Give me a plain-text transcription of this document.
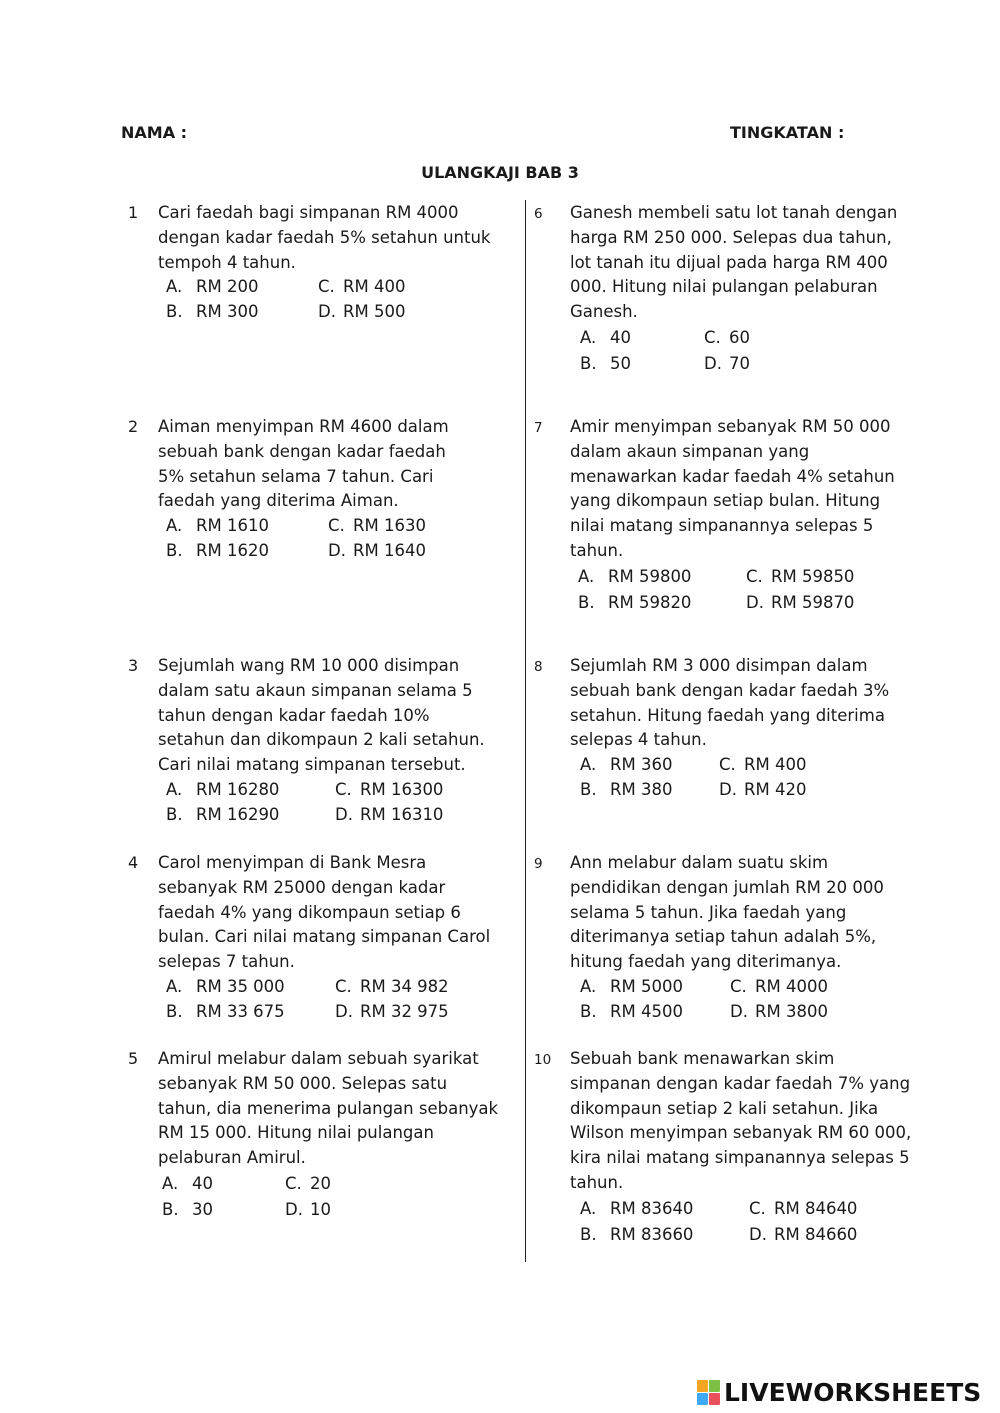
NAMA :	TINGKATAN :
ULANGKAJI BAB 3
1 Cari faedah bagi simpanan RM 4000 dengan kadar faedah 5% setahun untuk tempoh 4 tahun.
A. RM 200	C. RM 400
B. RM 300	D. RM 500
2 Aiman menyimpan RM 4600 dalam sebuah bank dengan kadar faedah 5% setahun selama 7 tahun. Cari faedah yang diterima Aiman.
A. RM 1610	C. RM 1630
B. RM 1620	D. RM 1640
3 Sejumlah wang RM 10 000 disimpan dalam satu akaun simpanan selama 5 tahun dengan kadar faedah 10% setahun dan dikompaun 2 kali setahun. Cari nilai matang simpanan tersebut.
A. RM 16280	C. RM 16300
B. RM 16290	D. RM 16310
4 Carol menyimpan di Bank Mesra sebanyak RM 25000 dengan kadar faedah 4% yang dikompaun setiap 6 bulan. Cari nilai matang simpanan Carol selepas 7 tahun.
A. RM 35 000	C. RM 34 982
B. RM 33 675	D. RM 32 975
5 Amirul melabur dalam sebuah syarikat sebanyak RM 50 000. Selepas satu tahun, dia menerima pulangan sebanyak RM 15 000. Hitung nilai pulangan pelaburan Amirul.
A. 40	C. 20
B. 30	D. 10
6 Ganesh membeli satu lot tanah dengan harga RM 250 000. Selepas dua tahun, lot tanah itu dijual pada harga RM 400 000. Hitung nilai pulangan pelaburan Ganesh.
A. 40	C. 60
B. 50	D. 70
7 Amir menyimpan sebanyak RM 50 000 dalam akaun simpanan yang menawarkan kadar faedah 4% setahun yang dikompaun setiap bulan. Hitung nilai matang simpanannya selepas 5 tahun.
A. RM 59800	C. RM 59850
B. RM 59820	D. RM 59870
8 Sejumlah RM 3 000 disimpan dalam sebuah bank dengan kadar faedah 3% setahun. Hitung faedah yang diterima selepas 4 tahun.
A. RM 360	C. RM 400
B. RM 380	D. RM 420
9 Ann melabur dalam suatu skim pendidikan dengan jumlah RM 20 000 selama 5 tahun. Jika faedah yang diterimanya setiap tahun adalah 5%, hitung faedah yang diterimanya.
A. RM 5000	C. RM 4000
B. RM 4500	D. RM 3800
10 Sebuah bank menawarkan skim simpanan dengan kadar faedah 7% yang dikompaun setiap 2 kali setahun. Jika Wilson menyimpan sebanyak RM 60 000, kira nilai matang simpanannya selepas 5 tahun.
A. RM 83640	C. RM 84640
B. RM 83660	D. RM 84660
LIVEWORKSHEETS
